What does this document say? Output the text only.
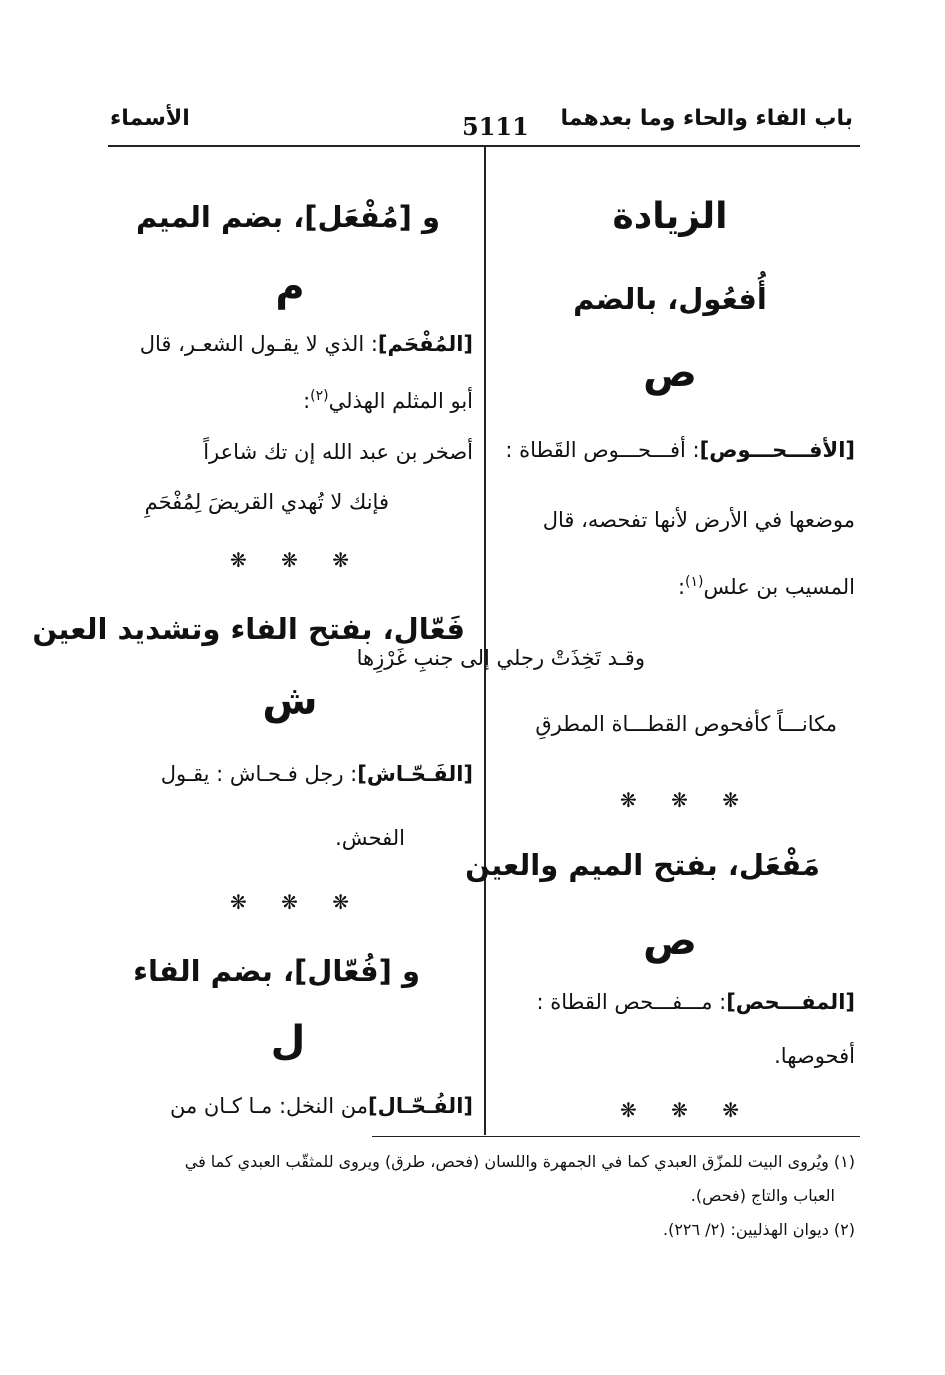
باب الفاء والحاء وما بعدهما
5111
الأسماء
الزيادة
أُفعُول، بالضم
ص
[الأفـــحـــوص]: أفـــحـــوص القَطاة :
موضعها في الأرض لأنها تفحصه، قال
المسيب بن علس$^{(١)}$:
وقـد تَخِذَتْ رجلي إلى جنبِ غَرْزِها
مكانـــاً كأفحوص القطـــاة المطرقِ
❋ ❋ ❋
مَفْعَل، بفتح الميم والعين
ص
[المفـــحص]: مـــفـــحص القطاة :
أفحوصها.
❋ ❋ ❋
و [مُفْعَل]، بضم الميم
م
[المُفْحَم]: الذي لا يقـول الشعـر، قال
أبو المثلم الهذلي$^{(٢)}$:
أصخر بن عبد الله إن تك شاعراً
فإنك لا تُهدي القريضَ لِمُفْحَمِ
❋ ❋ ❋
فَعّال، بفتح الفاء وتشديد العين
ش
[الفَـحّـاش]: رجل فـحـاش : يقـول
الفحش.
❋ ❋ ❋
و [فُعّال]، بضم الفاء
ل
[الفُـحّـال]من النخل: مـا كـان من
(١) ويُروى البيت للمزّق العبدي كما في الجمهرة واللسان (فحص، طرق) ويروى للمثقّب العبدي كما في
العباب والتاج (فحص).
(٢) ديوان الهذليين: (٢/ ٢٢٦).
